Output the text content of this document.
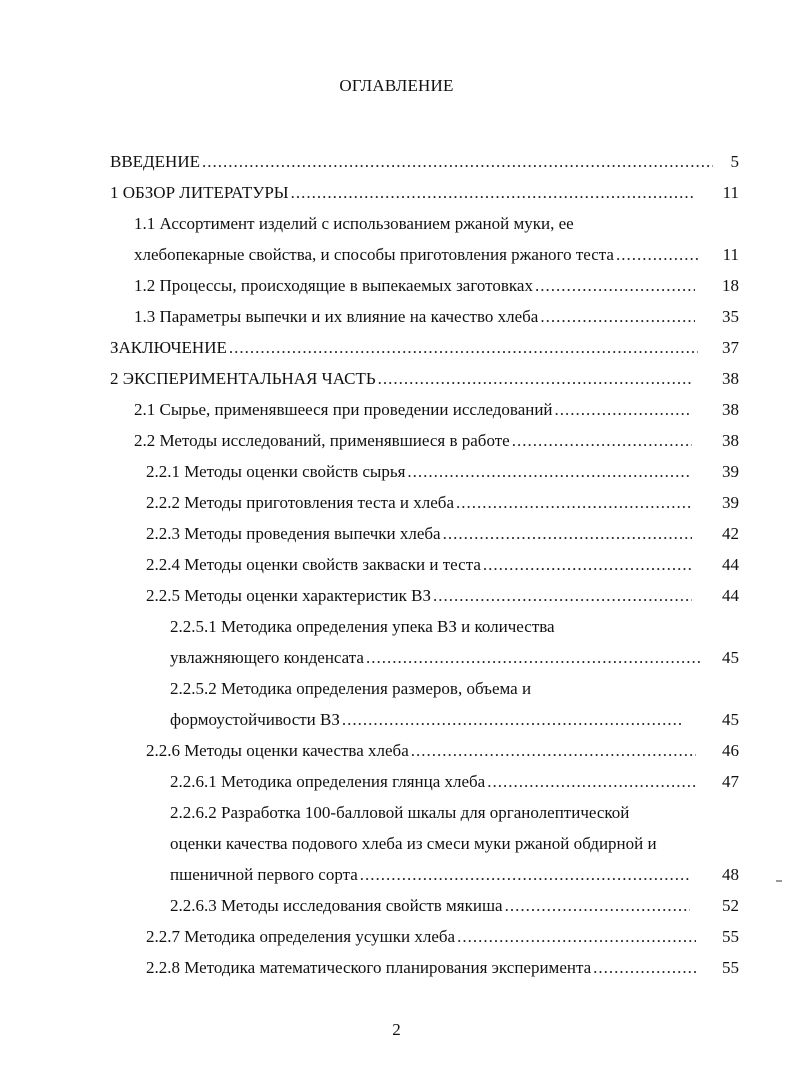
ОГЛАВЛЕНИЕ
ВВЕДЕНИЕ .....	5
1 ОБЗОР ЛИТЕРАТУРЫ .....	11
1.1 Ассортимент изделий с использованием ржаной муки, ее
хлебопекарные свойства, и способы приготовления ржаного теста .....	11
1.2 Процессы, происходящие в выпекаемых заготовках .....	18
1.3 Параметры выпечки и их влияние на качество хлеба .....	35
ЗАКЛЮЧЕНИЕ .....	37
2 ЭКСПЕРИМЕНТАЛЬНАЯ ЧАСТЬ .....	38
2.1 Сырье, применявшееся при проведении исследований .....	38
2.2 Методы исследований, применявшиеся в работе .....	38
2.2.1 Методы оценки свойств сырья .....	39
2.2.2 Методы приготовления теста и хлеба .....	39
2.2.3 Методы проведения выпечки хлеба .....	42
2.2.4 Методы оценки свойств закваски и теста .....	44
2.2.5 Методы оценки характеристик ВЗ .....	44
2.2.5.1 Методика определения упека ВЗ и количества
увлажняющего конденсата .....	45
2.2.5.2 Методика определения размеров, объема и
формоустойчивости ВЗ .....	45
2.2.6 Методы оценки качества хлеба .....	46
2.2.6.1 Методика определения глянца хлеба .....	47
2.2.6.2 Разработка 100-балловой шкалы для органолептической
оценки качества подового хлеба из смеси муки ржаной обдирной и
пшеничной первого сорта .....	48
2.2.6.3 Методы исследования свойств мякиша .....	52
2.2.7 Методика определения усушки хлеба .....	55
2.2.8 Методика математического планирования эксперимента .....	55
2
